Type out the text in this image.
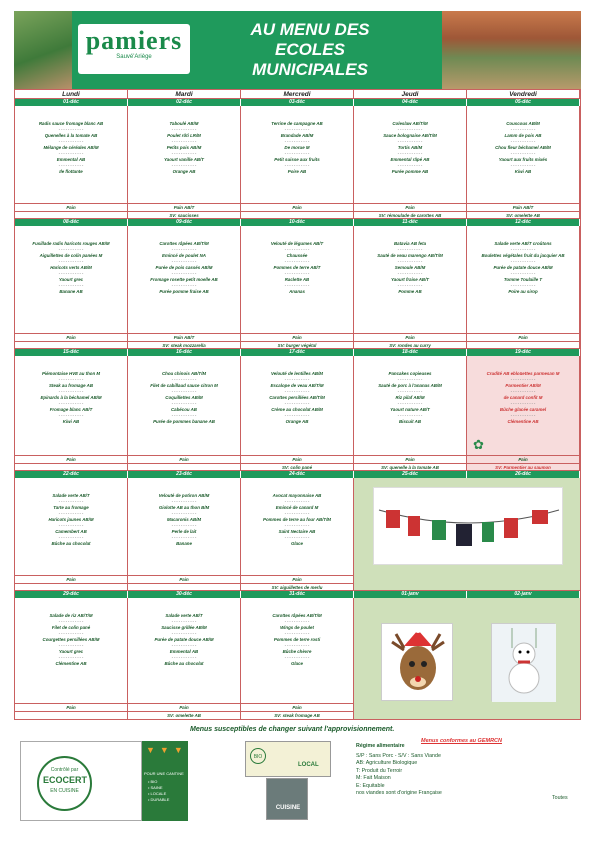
pamiers
Sauvé'Ariège
AU MENU DES
ECOLES
MUNICIPALES
Lundi	Mardi	Mercredi	Jeudi	Vendredi
01-déc
Radis sauce fromage blanc AB
- - - - - - - - - - -
Quenelles à la tomate AB
- - - - - - - - - - -
Mélange de céréales AB/M
- - - - - - - - - - -
Emmental AB
- - - - - - - - - - -
Ile flottante
Pain
02-déc
Taboulé AB/M
- - - - - - - - - - -
Poulet rôti LR/M
- - - - - - - - - - -
Petits pois AB/M
- - - - - - - - - - -
Yaourt vanille AB/T
- - - - - - - - - - -
Orange AB
Pain AB/T
SV: saucisses
03-déc
Terrine de campagne AB
- - - - - - - - - - -
Brandade AB/M
- - - - - - - - - - -
De morue M
- - - - - - - - - - -
Petit suisse aux fruits
- - - - - - - - - - -
Poire AB
Pain
04-déc
Coleslaw AB/T/M
- - - - - - - - - - -
Sauce bolognaise AB/T/M
- - - - - - - - - - -
Tortis AB/M
- - - - - - - - - - -
Emmental râpé AB
- - - - - - - - - - -
Purée pomme AB
Pain
SV: rémoulade de carottes AB
05-déc
Couscous AB/M
- - - - - - - - - - -
Lamm de pois AB
- - - - - - - - - - -
Chou fleur béchamel AB/M
- - - - - - - - - - -
Yaourt aux fruits mixés
- - - - - - - - - - -
Kiwi AB
Pain AB/T
SV: omelette AB
08-déc
Fusillade radis haricots rouges AB/M
- - - - - - - - - - -
Aiguillettes de colin panées M
- - - - - - - - - - -
Haricots verts AB/M
- - - - - - - - - - -
Yaourt grec
- - - - - - - - - - -
Banane AB
Pain
09-déc
Carottes râpées AB/T/M
- - - - - - - - - - -
Emincé de poulet NA
- - - - - - - - - - -
Purée de pois cassés AB/M
- - - - - - - - - - -
Fromage rosette petit moelle AB
- - - - - - - - - - -
Purée pomme fraise AB
Pain AB/T
SV: steak mozzarella
10-déc
Velouté de légumes AB/T
- - - - - - - - - - -
Chaussée
- - - - - - - - - - -
Pommes de terre AB/T
- - - - - - - - - - -
Raclette AB
- - - - - - - - - - -
Ananas
Pain
SV: burger végétal
11-déc
Batavia AB feta
- - - - - - - - - - -
Sauté de veau marengo AB/T/M
- - - - - - - - - - -
Semoule AB/M
- - - - - - - - - - -
Yaourt fraise AB/T
- - - - - - - - - - -
Pomme AB
Pain
SV: rondes au curry
12-déc
Salade verte AB/T croûtons
- - - - - - - - - - -
Boulettes végétales fruit du jacquier AB
- - - - - - - - - - -
Purée de patate douce AB/M
- - - - - - - - - - -
Tomme Toulaille T
- - - - - - - - - - -
Poire au sirop
Pain
15-déc
Piémontaise HVE au thon M
- - - - - - - - - - -
Steak au fromage AB
- - - - - - - - - - -
Epinards à la béchamel AB/M
- - - - - - - - - - -
Fromage blanc AB/T
- - - - - - - - - - -
Kiwi AB
Pain
16-déc
Chou chinois AB/T/M
- - - - - - - - - - -
Filet de cabillaud sauce citron M
- - - - - - - - - - -
Coquillettes AB/M
- - - - - - - - - - -
Cabécou AB
- - - - - - - - - - -
Purée de pommes banane AB
Pain
17-déc
Velouté de lentilles AB/M
- - - - - - - - - - -
Escalope de veau AB/T/M
- - - - - - - - - - -
Carottes persillées AB/T/M
- - - - - - - - - - -
Crème au chocolat AB/M
- - - - - - - - - - -
Orange AB
Pain
SV: colin pané
18-déc
Pancakes copieuses
- - - - - - - - - - -
Sauté de porc à l'ananas AB/M
- - - - - - - - - - -
Riz pilaf AB/M
- - - - - - - - - - -
Yaourt nature AB/T
- - - - - - - - - - -
Biscuit AB
Pain
SV: quenelle à la tomate AB
19-déc
Crudité AB ebloüettes parmesan M
- - - - - - - - - - -
Parmentier AB/M
- - - - - - - - - - -
de canard confit M
- - - - - - - - - - -
Bûche glacée caramel
- - - - - - - - - - -
Clémentine AB
Pain
SV: Parmentier au saumon
22-déc
Salade verte AB/T
- - - - - - - - - - -
Tarte au fromage
- - - - - - - - - - -
Haricots jaunes AB/M
- - - - - - - - - - -
Camembert AB
- - - - - - - - - - -
Bûche au chocolat
Pain
23-déc
Velouté de potiron AB/M
- - - - - - - - - - -
Giolotte AB au thon B/M
- - - - - - - - - - -
Macaronis AB/M
- - - - - - - - - - -
Perle de lait
- - - - - - - - - - -
Banane
Pain
24-déc
Avocat mayonnaise AB
- - - - - - - - - - -
Emincé de canard M
- - - - - - - - - - -
Pommes de terre au four AB/T/M
- - - - - - - - - - -
Saint Nectaire AB
- - - - - - - - - - -
Glace
Pain
SV: aiguillettes de merlu
25-déc	26-déc
29-déc
Salade de riz AB/T/M
- - - - - - - - - - -
Filet de colin pané
- - - - - - - - - - -
Courgettes persillées AB/M
- - - - - - - - - - -
Yaourt grec
- - - - - - - - - - -
Clémentine AB
Pain
30-déc
Salade verte AB/T
- - - - - - - - - - -
Saucisse grillée AB/M
- - - - - - - - - - -
Purée de patate douce AB/M
- - - - - - - - - - -
Emmental AB
- - - - - - - - - - -
Bûche au chocolat
Pain
SV: omelette AB
31-déc
Carottes râpées AB/T/M
- - - - - - - - - - -
Wings de poulet
- - - - - - - - - - -
Pommes de terre rosti
- - - - - - - - - - -
Bûche chèvre
- - - - - - - - - - -
Glace
Pain
SV: steak fromage AB
01-janv	02-janv
✿
Menus susceptibles de changer suivant l'approvisionnement.
Menus conformes au GEMRCN
Contrôlé par
ECOCERT
EN CUISINE
▼▼▼
POUR UNE CANTINE
• BIO
• SAINE
• LOCALE
• DURABLE
BIO
LOCAL
CUISINE
Régime alimentaire
S/P : Sans Porc - S/V : Sans Viande
AB: Agriculture Biologique
T: Produit du Terroir
M: Fait Maison
E: Equitable
nos viandes sont d'origine Française
Toutes
